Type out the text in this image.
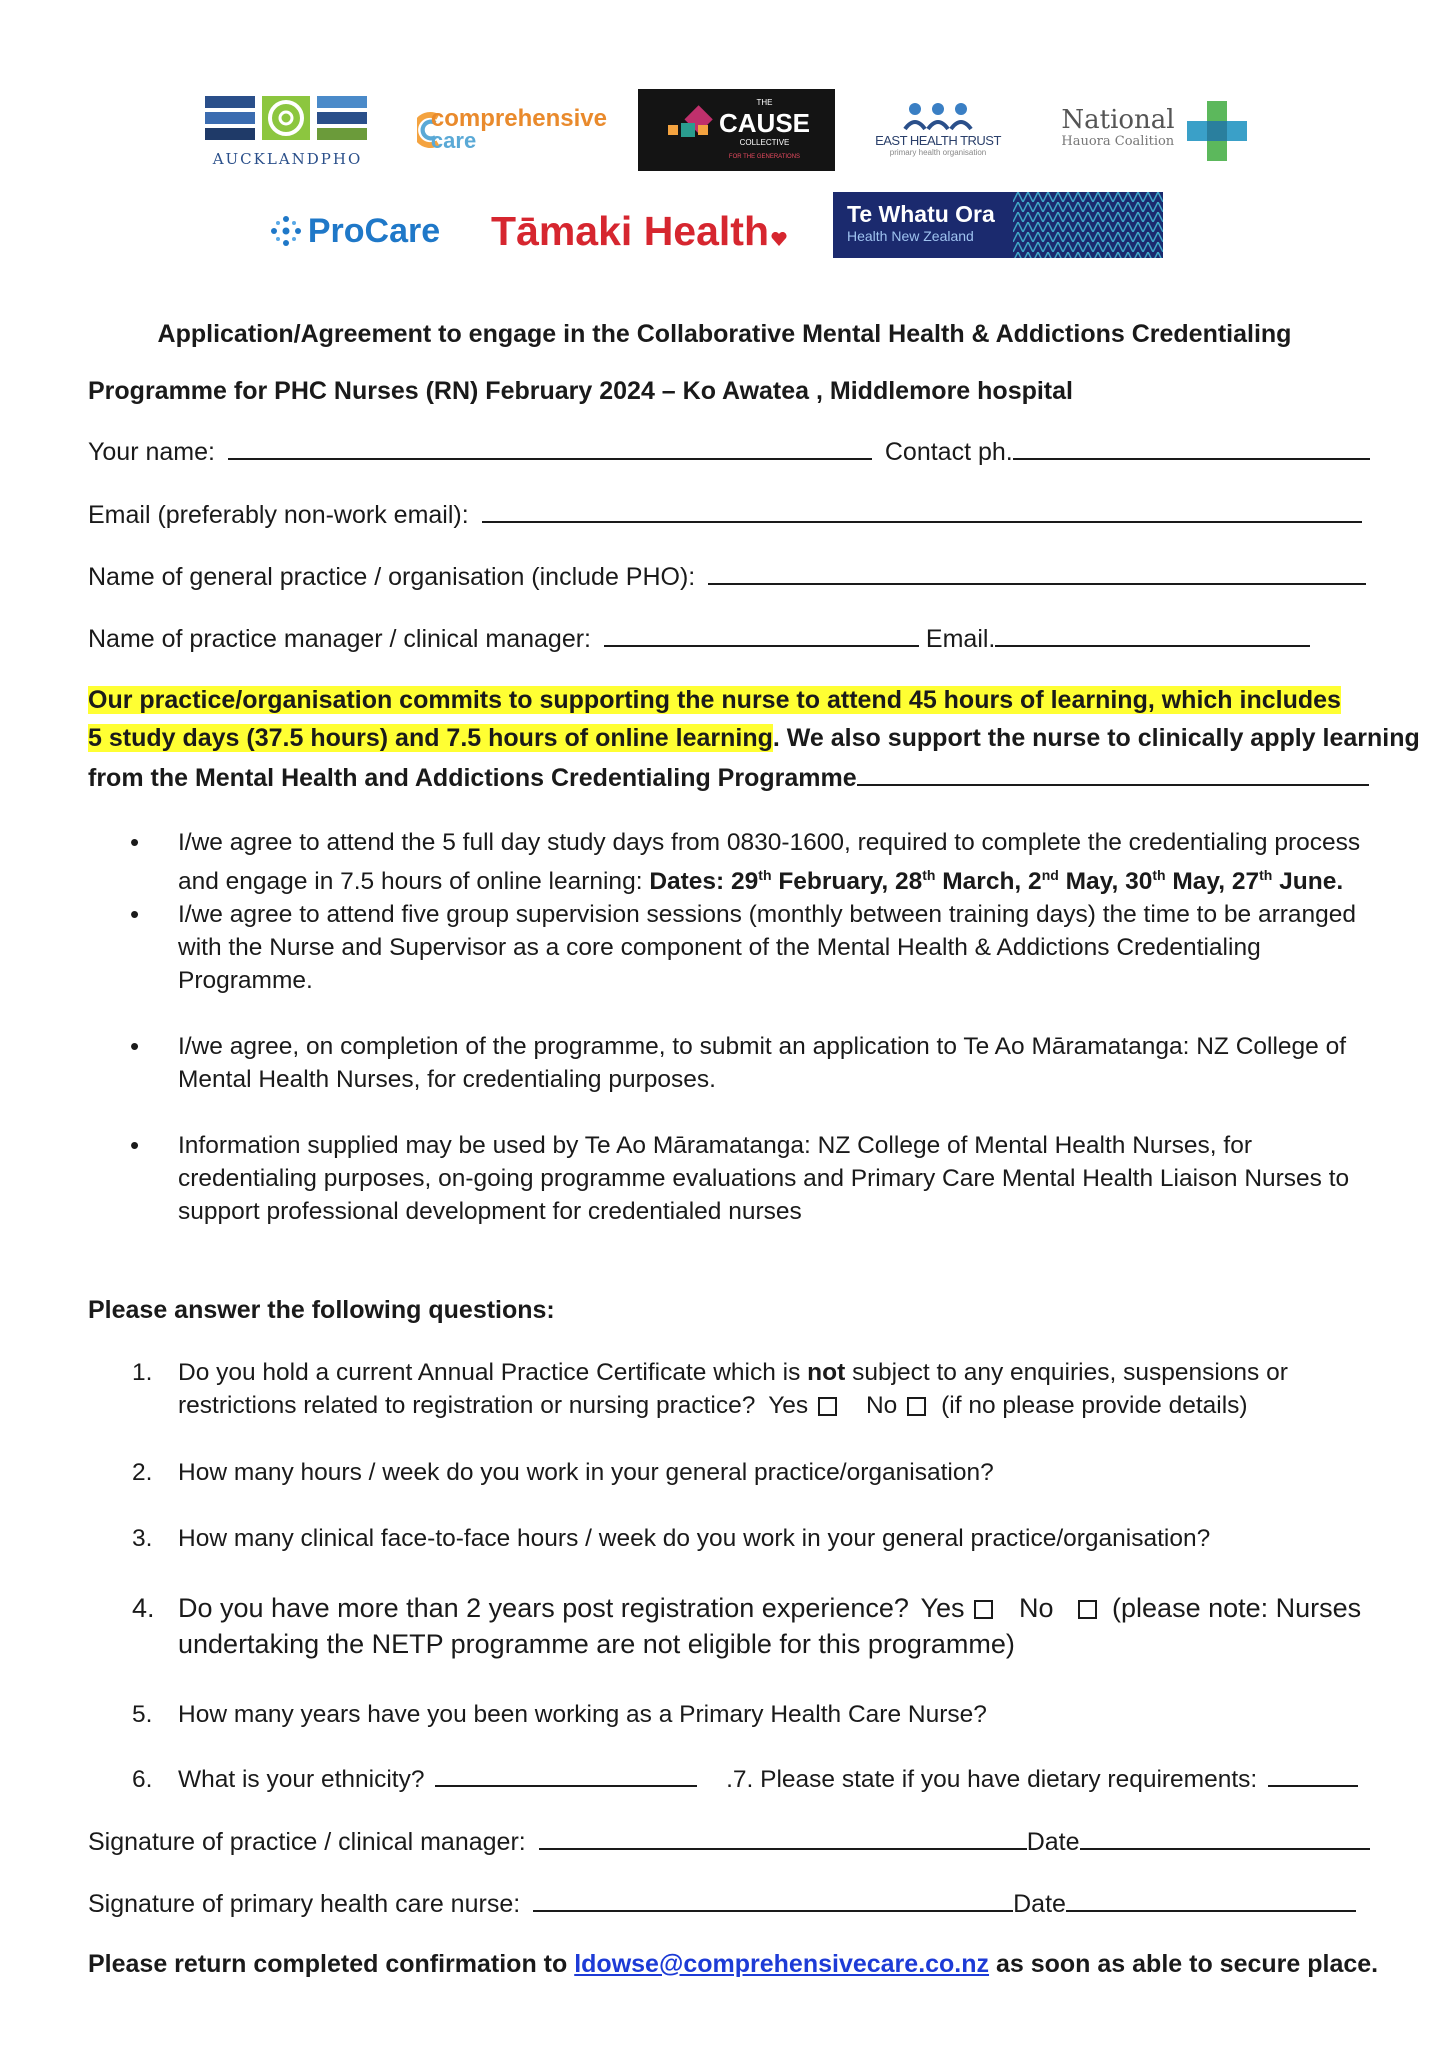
AUCKLANDPHO
comprehensive
care
THE
CAUSE
COLLECTIVE
FOR THE GENERATIONS
EAST HEALTH TRUST
primary health organisation
National
Hauora Coalition
ProCare Tāmaki Health	Te Whatu Ora
Health New Zealand
Application/Agreement to engage in the Collaborative Mental Health & Addictions Credentialing
Programme for PHC Nurses (RN) February 2024 – Ko Awatea , Middlemore hospital
Your name:	Contact ph.
Email (preferably non-work email):
Name of general practice / organisation (include PHO):
Name of practice manager / clinical manager:	Email.
Our practice/organisation commits to supporting the nurse to attend 45 hours of learning, which includes
5 study days (37.5 hours) and 7.5 hours of online learning. We also support the nurse to clinically apply learning
from the Mental Health and Addictions Credentialing Programme
• I/we agree to attend the 5 full day study days from 0830-1600, required to complete the credentialing process and engage in 7.5 hours of online learning: Dates: 29th February, 28th March, 2nd May, 30th May, 27th June.
• I/we agree to attend five group supervision sessions (monthly between training days) the time to be arranged with the Nurse and Supervisor as a core component of the Mental Health & Addictions Credentialing Programme.
• I/we agree, on completion of the programme, to submit an application to Te Ao Māramatanga: NZ College of Mental Health Nurses, for credentialing purposes.
• Information supplied may be used by Te Ao Māramatanga: NZ College of Mental Health Nurses, for credentialing purposes, on-going programme evaluations and Primary Care Mental Health Liaison Nurses to support professional development for credentialed nurses
Please answer the following questions:
1.	Do you hold a current Annual Practice Certificate which is not subject to any enquiries, suspensions or restrictions related to registration or nursing practice? Yes No (if no please provide details)
2.	How many hours / week do you work in your general practice/organisation?
3.	How many clinical face-to-face hours / week do you work in your general practice/organisation?
4. Do you have more than 2 years post registration experience? Yes No (please note: Nurses undertaking the NETP programme are not eligible for this programme)
5.	How many years have you been working as a Primary Health Care Nurse?
6.	What is your ethnicity?	.7. Please state if you have dietary requirements:
Signature of practice / clinical manager:	Date
Signature of primary health care nurse:	Date
Please return completed confirmation to ldowse@comprehensivecare.co.nz as soon as able to secure place.
